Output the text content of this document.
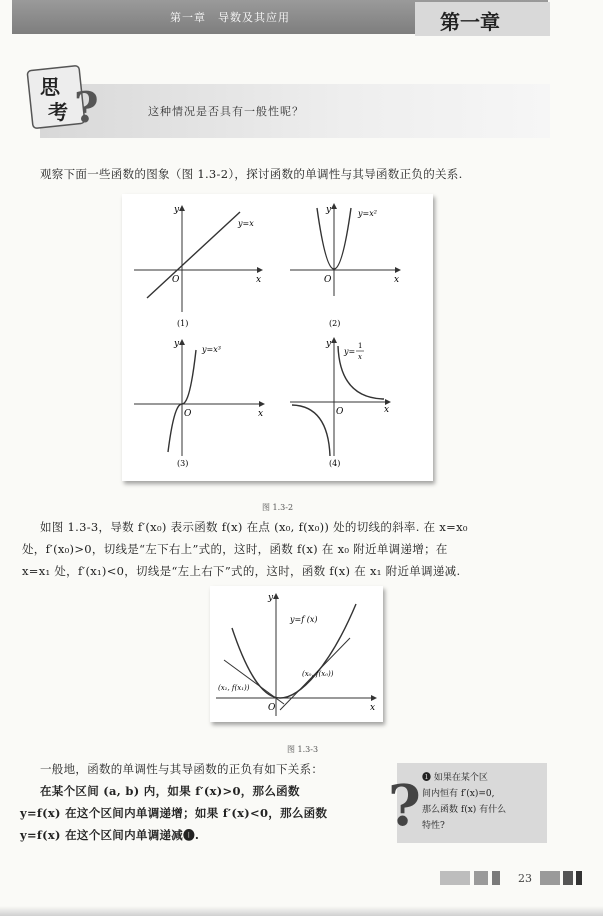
第一章　导数及其应用	第一章
思
考 ?	这种情况是否具有一般性呢？
观察下面一些函数的图象（图 1.3-2），探讨函数的单调性与其导函数正负的关系.
y
x
O
y=x
(1)
y
x
O
y=x²
(2)
y
x
O
y=x³
(3)
y
x
O
y=
1
x
(4)
图 1.3-2
如图 1.3-3，导数 f′(x₀) 表示函数 f(x) 在点 (x₀, f(x₀)) 处的切线的斜率. 在 x=x₀
处，f′(x₀)>0，切线是“左下右上”式的，这时，函数 f(x) 在 x₀ 附近单调递增；在
x=x₁ 处，f′(x₁)<0，切线是“左上右下”式的，这时，函数 f(x) 在 x₁ 附近单调递减.
y
x
O
y=f (x)
(x₀, f(x₀))
(x₁, f(x₁))
图 1.3-3
一般地，函数的单调性与其导函数的正负有如下关系：
在某个区间 (a, b) 内，如果 f′(x)>0，那么函数
y=f(x) 在这个区间内单调递增；如果 f′(x)<0，那么函数
y=f(x) 在这个区间内单调递减❶.	? ❶ 如果在某个区
间内恒有 f′(x)=0,
那么函数 f(x) 有什么
特性?
23
